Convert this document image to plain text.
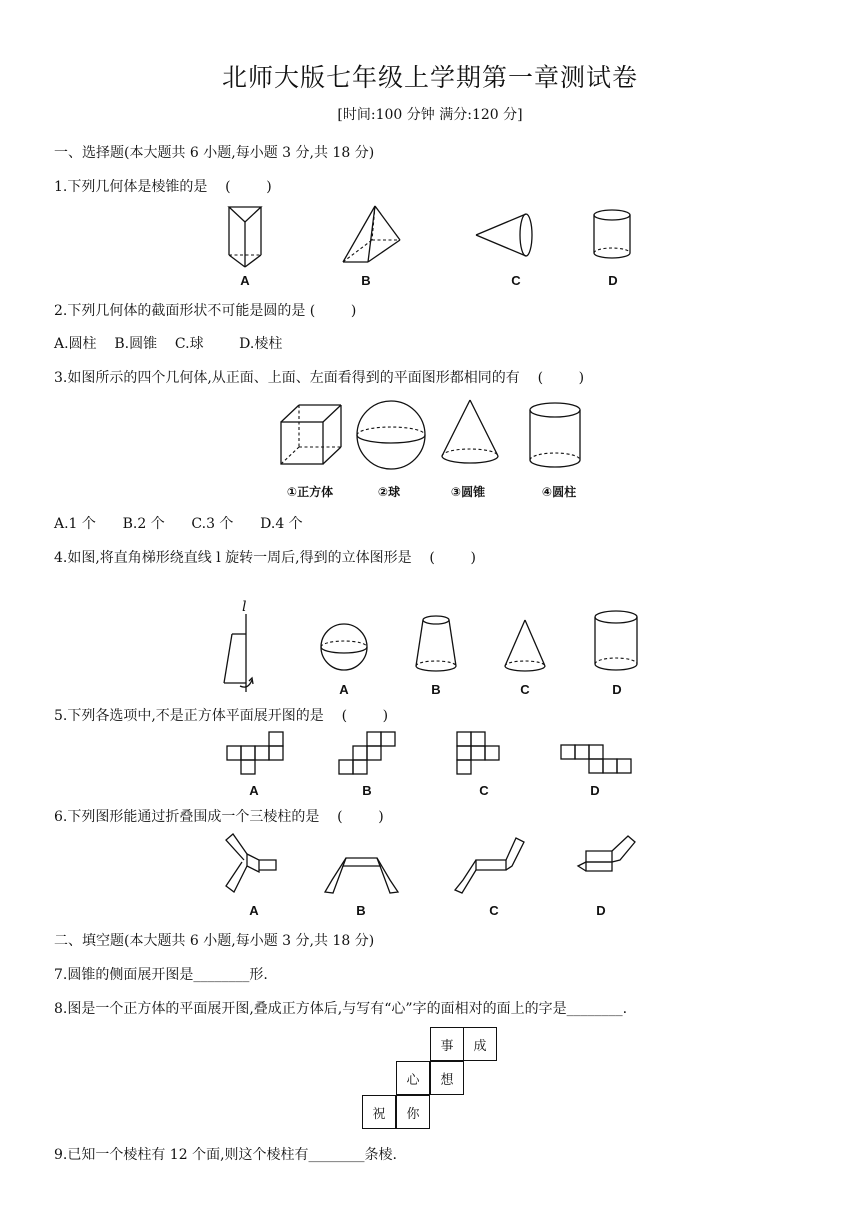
北师大版七年级上学期第一章测试卷
[时间:100 分钟 满分:120 分]
一、选择题(本大题共 6 小题,每小题 3 分,共 18 分)
1.下列几何体是棱锥的是    (        )
A	B	C	D
2.下列几何体的截面形状不可能是圆的是 (        )
A.圆柱    B.圆锥    C.球        D.棱柱
3.如图所示的四个几何体,从正面、上面、左面看得到的平面图形都相同的有    (        )
①正方体	②球	③圆锥	④圆柱
A.1 个      B.2 个      C.3 个      D.4 个
4.如图,将直角梯形绕直线 l 旋转一周后,得到的立体图形是    (        )
l
A	B	C	D
5.下列各选项中,不是正方体平面展开图的是    (        )
A	B	C	D
6.下列图形能通过折叠围成一个三棱柱的是    (        )
A	B	C	D
二、填空题(本大题共 6 小题,每小题 3 分,共 18 分)
7.圆锥的侧面展开图是________形.
8.图是一个正方体的平面展开图,叠成正方体后,与写有“心”字的面相对的面上的字是________.
事	成
心	想
祝	你
9.已知一个棱柱有 12 个面,则这个棱柱有________条棱.
